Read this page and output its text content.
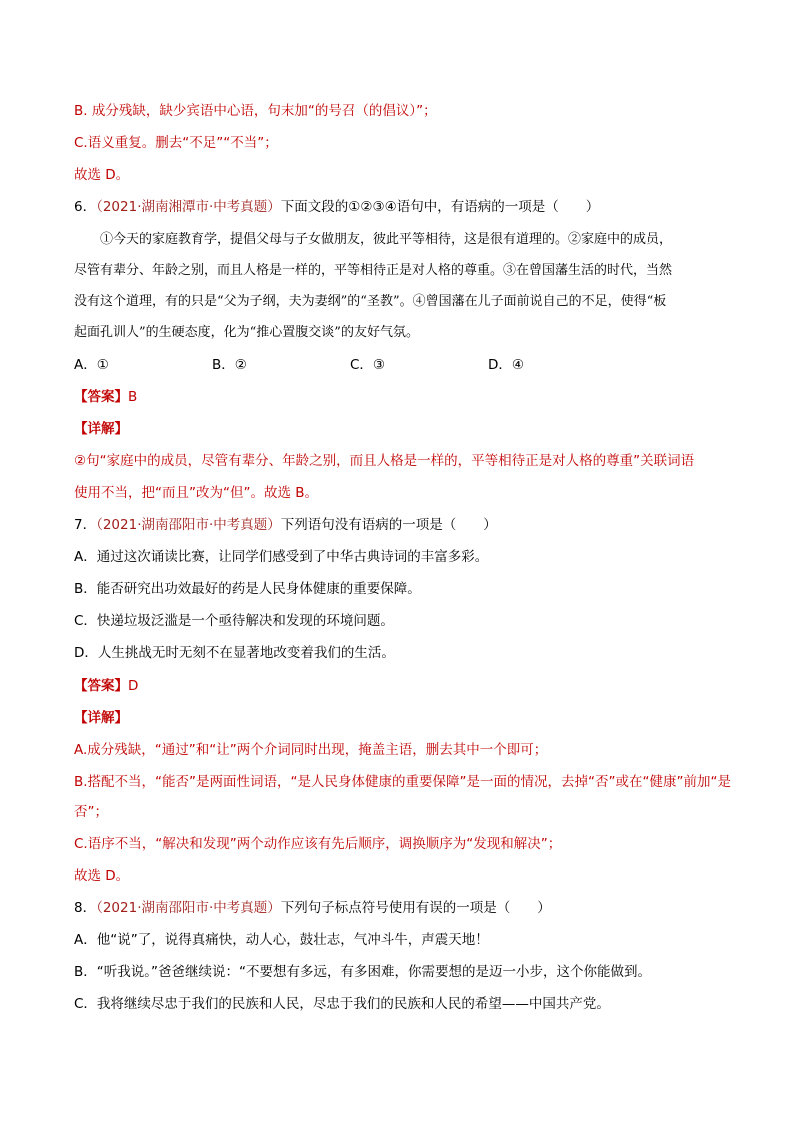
B. 成分残缺，缺少宾语中心语，句末加“的号召（的倡议）”；
C.语义重复。删去“不足”“不当”；
故选 D。
6．（2021·湖南湘潭市·中考真题）下面文段的①②③④语句中，有语病的一项是（　　）
　　①今天的家庭教育学，提倡父母与子女做朋友，彼此平等相待，这是很有道理的。②家庭中的成员，
尽管有辈分、年龄之别，而且人格是一样的，平等相待正是对人格的尊重。③在曾国藩生活的时代，当然
没有这个道理，有的只是“父为子纲，夫为妻纲”的“圣教”。④曾国藩在儿子面前说自己的不足，使得“板
起面孔训人”的生硬态度，化为“推心置腹交谈”的友好气氛。
A．①	B．②	C．③	D．④
【答案】B
【详解】
②句“家庭中的成员，尽管有辈分、年龄之别，而且人格是一样的，平等相待正是对人格的尊重”关联词语
使用不当，把“而且”改为“但”。故选 B。
7．（2021·湖南邵阳市·中考真题）下列语句没有语病的一项是（　　）
A．通过这次诵读比赛，让同学们感受到了中华古典诗词的丰富多彩。
B．能否研究出功效最好的药是人民身体健康的重要保障。
C．快递垃圾泛滥是一个亟待解决和发现的环境问题。
D．人生挑战无时无刻不在显著地改变着我们的生活。
【答案】D
【详解】
A.成分残缺，“通过”和“让”两个介词同时出现，掩盖主语，删去其中一个即可；
B.搭配不当，“能否”是两面性词语，“是人民身体健康的重要保障”是一面的情况，去掉“否”或在“健康”前加“是
否”；
C.语序不当，“解决和发现”两个动作应该有先后顺序，调换顺序为“发现和解决”；
故选 D。
8．（2021·湖南邵阳市·中考真题）下列句子标点符号使用有误的一项是（　　）
A．他“说”了，说得真痛快，动人心，鼓壮志，气冲斗牛，声震天地！
B．“听我说。”爸爸继续说：“不要想有多远，有多困难，你需要想的是迈一小步，这个你能做到。
C．我将继续尽忠于我们的民族和人民，尽忠于我们的民族和人民的希望——中国共产党。
